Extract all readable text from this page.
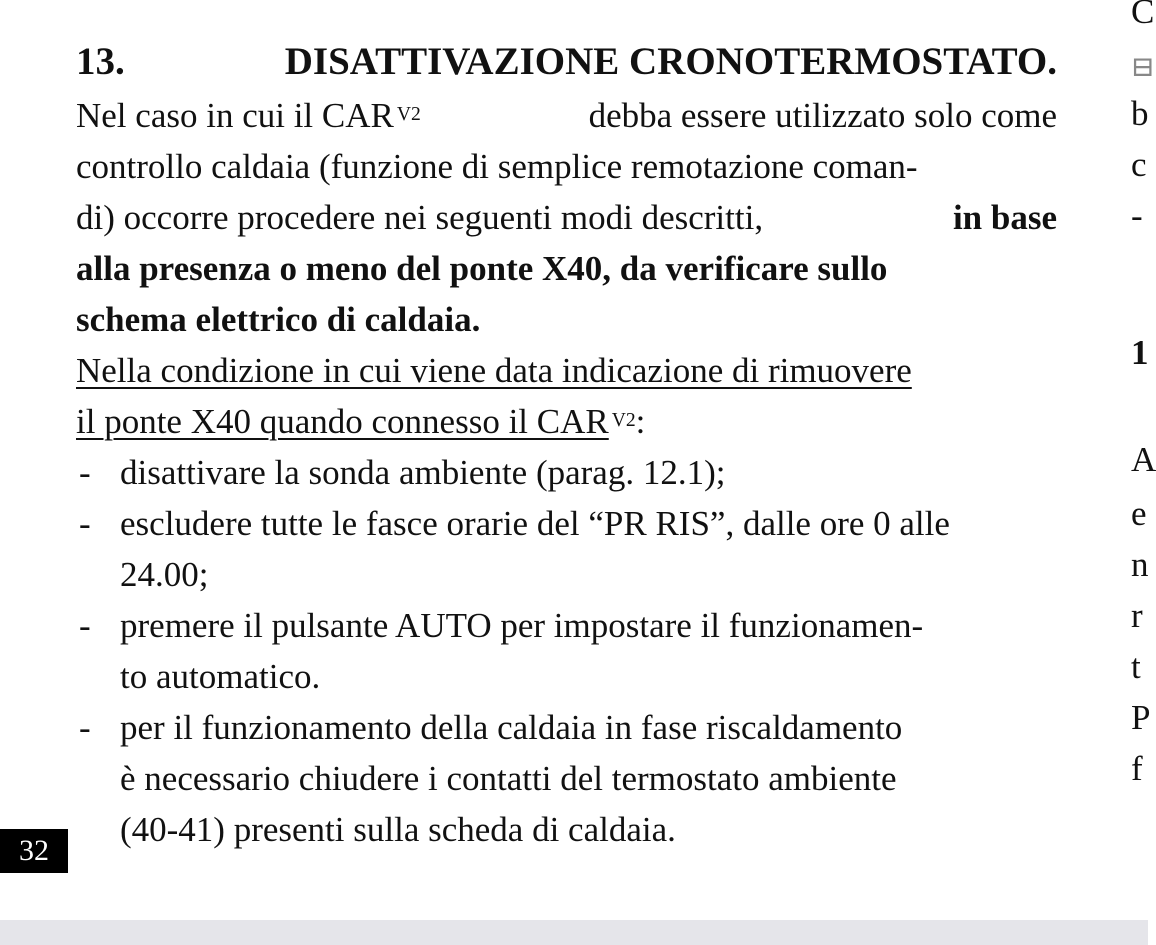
13.	DISATTIVAZIONE CRONOTERMOSTATO.
Nel caso in cui il CAR $^{V2}$	debba essere utilizzato solo come
controllo caldaia (funzione di semplice remotazione coman-
di) occorre procedere nei seguenti modi descritti,	in base
alla presenza o meno del ponte X40, da verificare sullo
schema elettrico di caldaia.
Nella condizione in cui viene data indicazione di rimuovere
il ponte X40 quando connesso il CAR $^{V2}$:
- disattivare la sonda ambiente (parag. 12.1);
- escludere tutte le fasce orarie del “PR RIS”, dalle ore 0 alle
24.00;
- premere il pulsante AUTO per impostare il funzionamen-
to automatico.
- per il funzionamento della caldaia in fase riscaldamento
è necessario chiudere i contatti del termostato ambiente
(40-41) presenti sulla scheda di caldaia.
32
C
⊟
b
c
-
1
A
e
n
r
t
P
f
